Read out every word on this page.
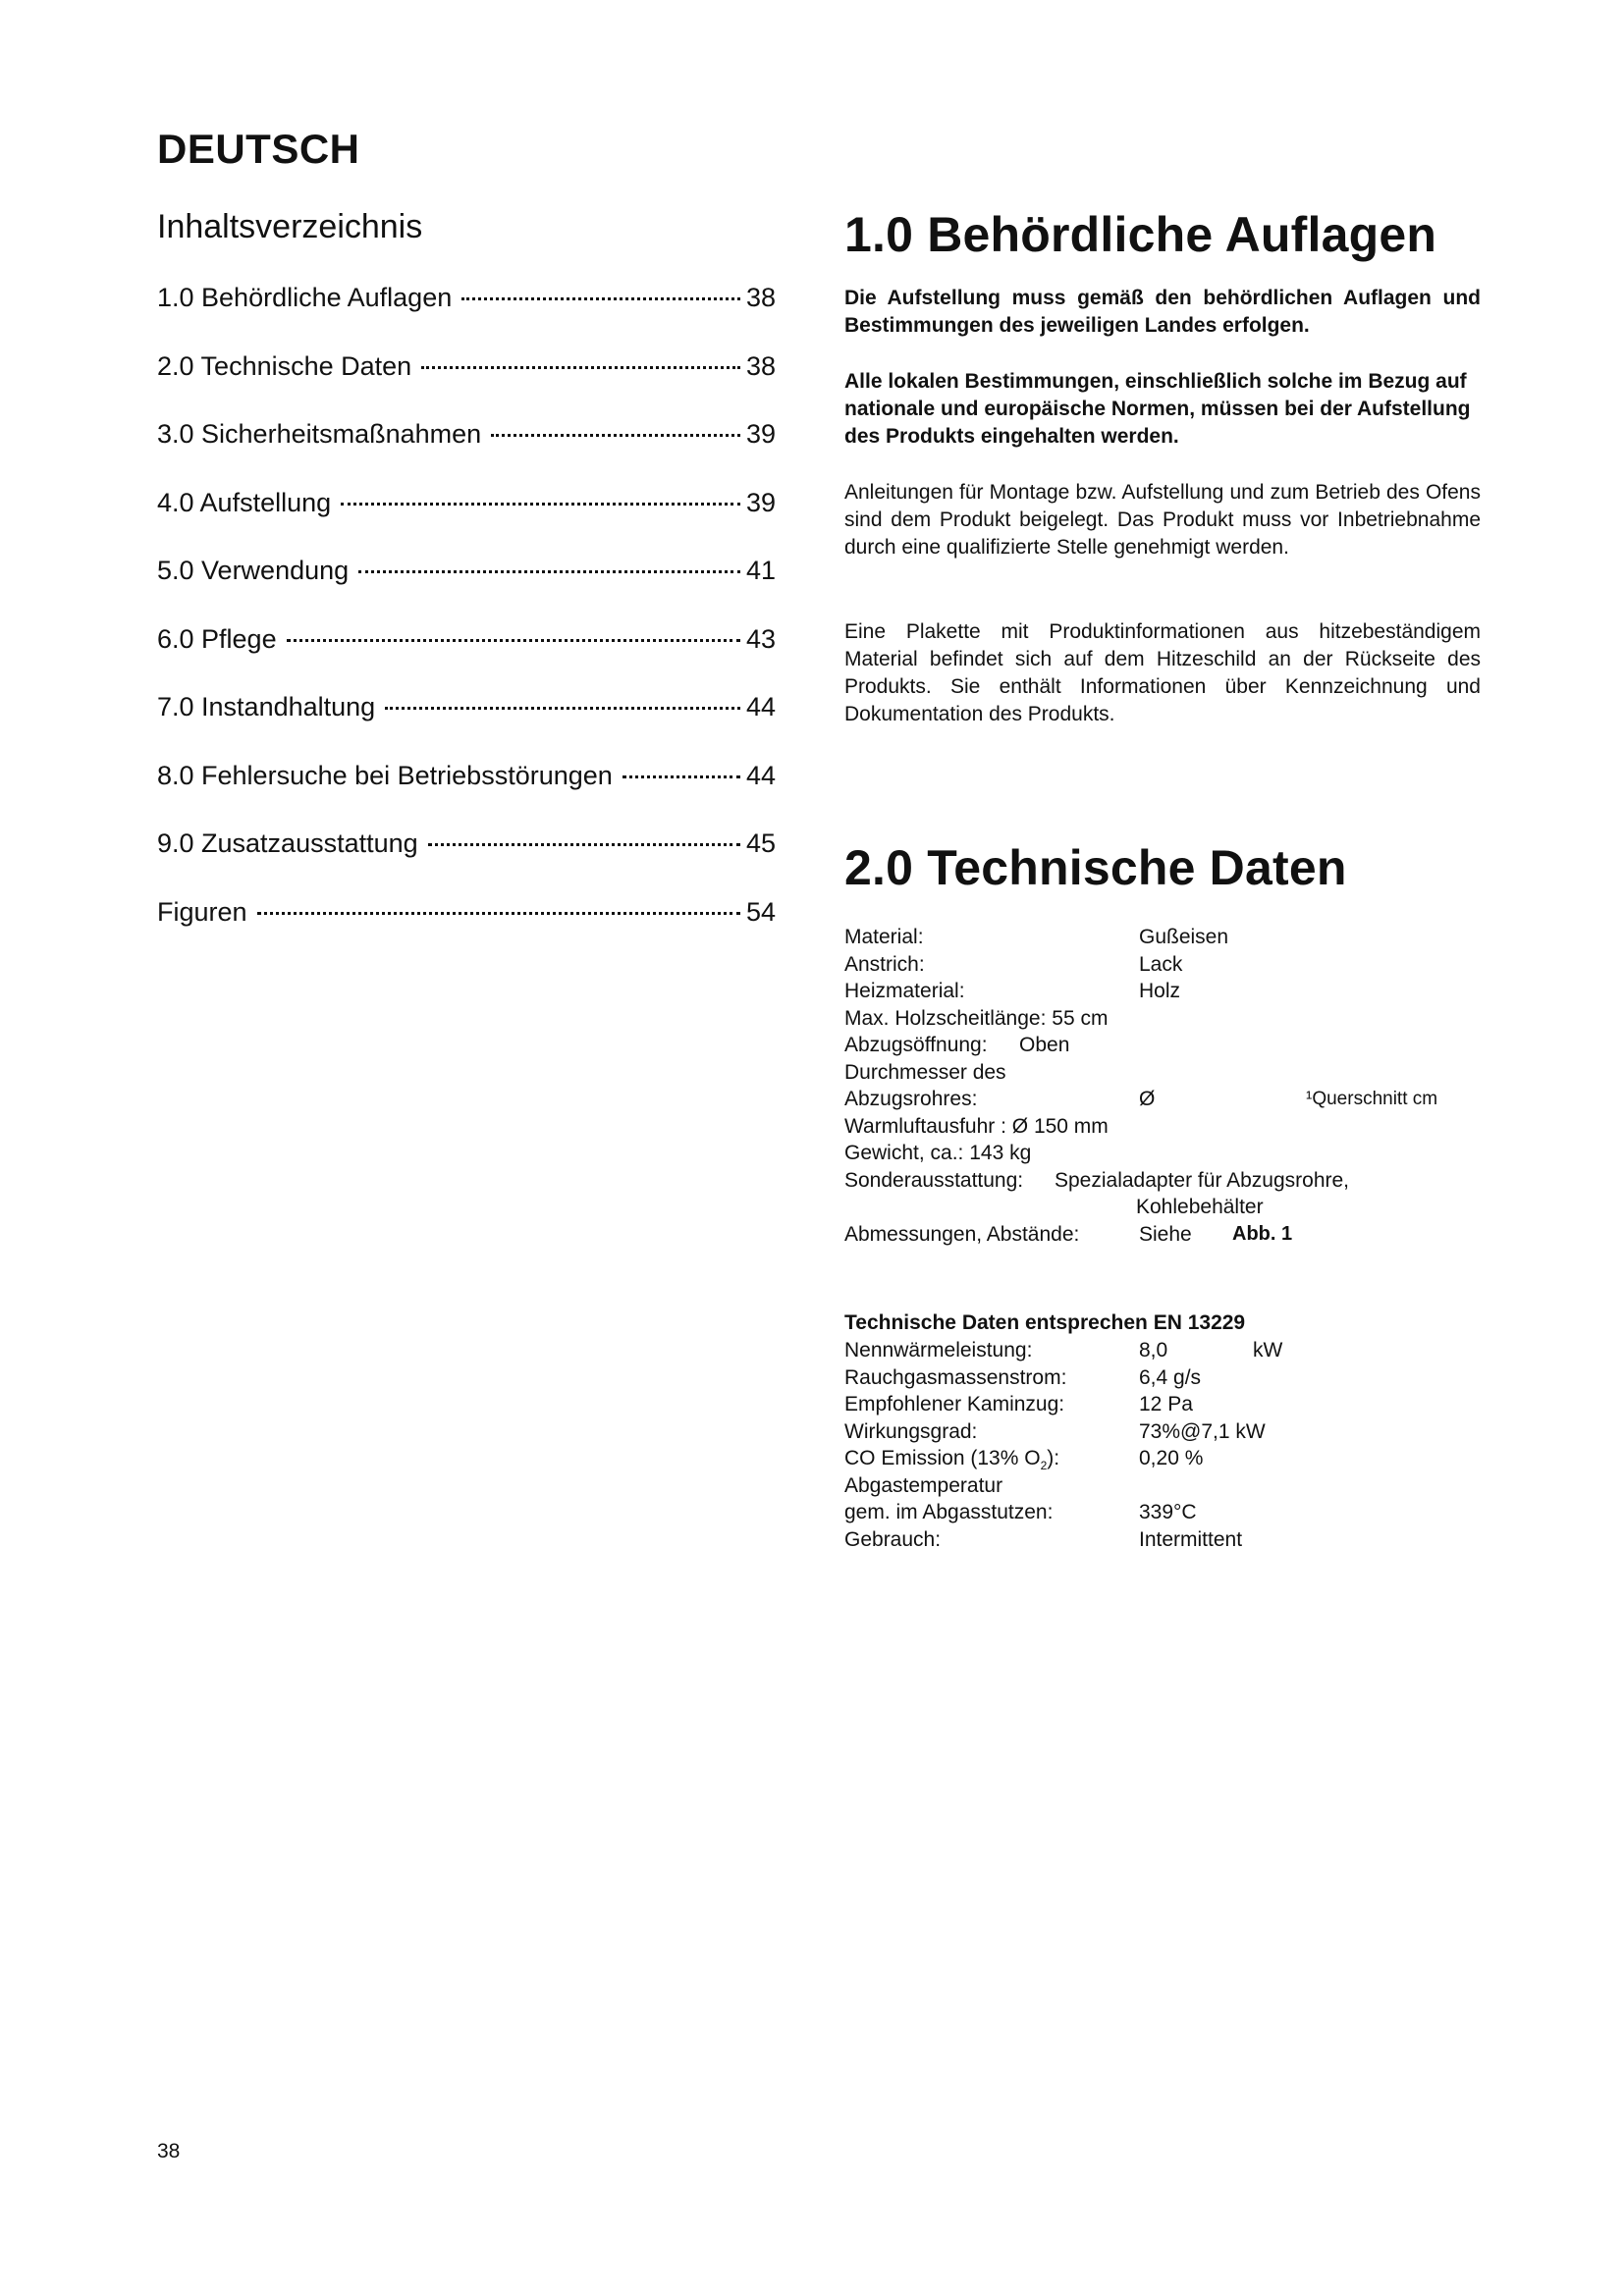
DEUTSCH
Inhaltsverzeichnis
1.0 Behördliche Auflagen	38
2.0 Technische Daten	38
3.0 Sicherheitsmaßnahmen	39
4.0 Aufstellung	39
5.0 Verwendung	41
6.0 Pflege	43
7.0 Instandhaltung	44
8.0 Fehlersuche bei Betriebsstörungen	44
9.0 Zusatzausstattung	45
Figuren	54
1.0 Behördliche Auflagen
Die Aufstellung muss gemäß den behördlichen Auflagen und Bestimmungen des jeweiligen Landes erfolgen.
Alle lokalen Bestimmungen, einschließlich solche im Bezug auf nationale und europäische Normen, müssen bei der Aufstellung des Produkts eingehalten werden.
Anleitungen für Montage bzw. Aufstellung und zum Betrieb des Ofens sind dem Produkt beigelegt. Das Produkt muss vor Inbetriebnahme durch eine qualifizierte Stelle genehmigt werden.
Eine Plakette mit Produktinformationen aus hitzebeständigem Material befindet sich auf dem Hitzeschild an der Rückseite des Produkts. Sie enthält Informationen über Kennzeichnung und Dokumentation des Produkts.
2.0 Technische Daten
Material:	Gußeisen
Anstrich:	Lack
Heizmaterial:	Holz
Max. Holzscheitlänge: 55 cm
Abzugsöffnung: Oben
Durchmesser des
Abzugsrohres:	Ø	¹Querschnitt cm
Warmluftausfuhr : Ø 150 mm
Gewicht, ca.: 143 kg
Sonderausstattung: Spezialadapter für Abzugsrohre,
Kohlebehälter
Abmessungen, Abstände:	Siehe Abb. 1
Technische Daten entsprechen EN 13229
Nennwärmeleistung:	8,0	kW
Rauchgasmassenstrom:	6,4 g/s
Empfohlener Kaminzug:	12 Pa
Wirkungsgrad:	73%@7,1 kW
CO Emission (13% $O_2$):	0,20 %
Abgastemperatur
gem. im Abgasstutzen:	339°C
Gebrauch:	Intermittent
38
